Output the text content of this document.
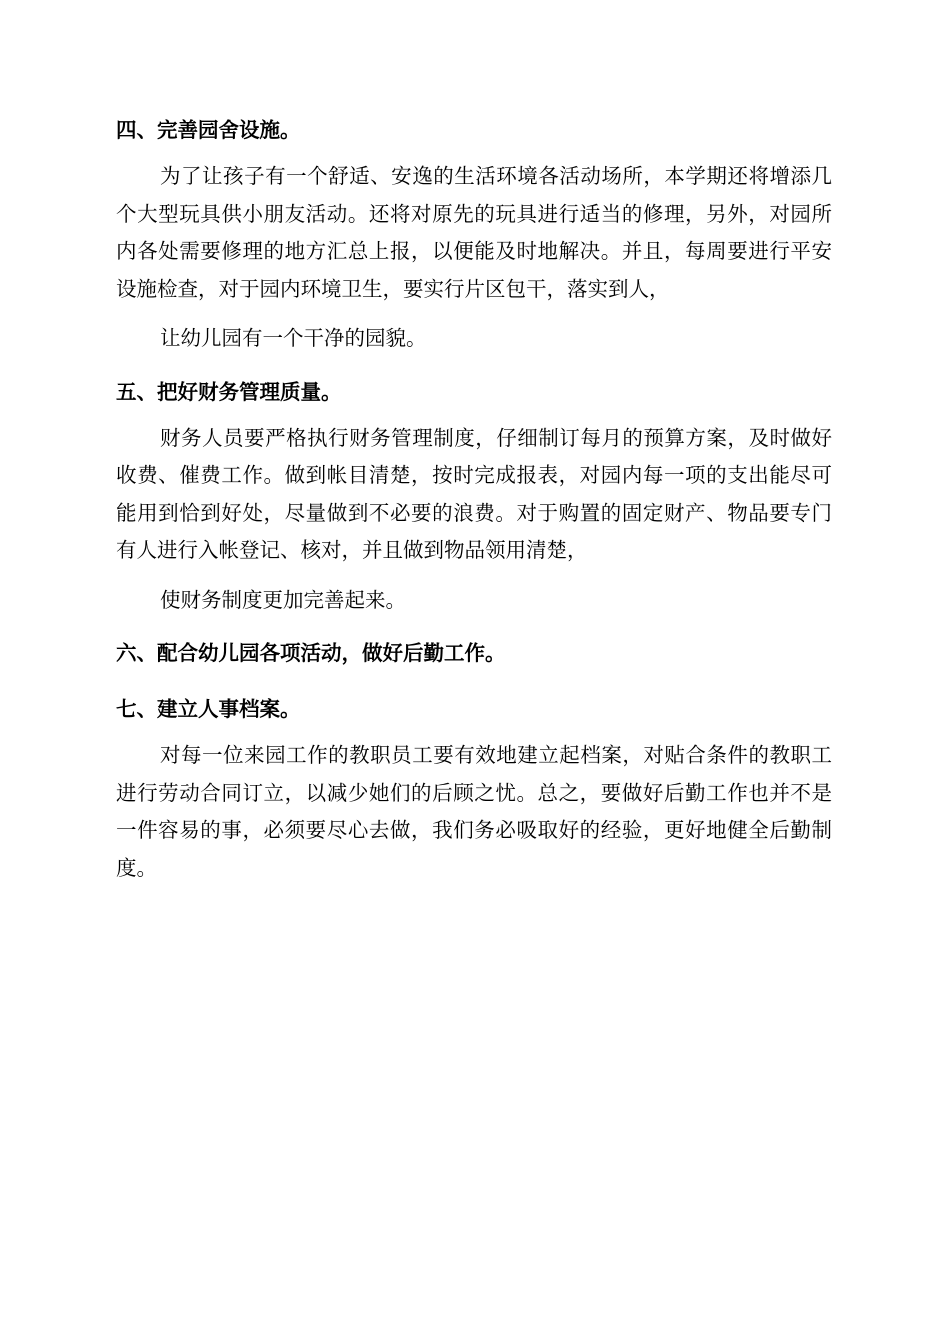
四、完善园舍设施。

为了让孩子有一个舒适、安逸的生活环境各活动场所，本学期还将增添几个大型玩具供小朋友活动。还将对原先的玩具进行适当的修理，另外，对园所内各处需要修理的地方汇总上报，以便能及时地解决。并且，每周要进行平安设施检查，对于园内环境卫生，要实行片区包干，落实到人，

让幼儿园有一个干净的园貌。

五、把好财务管理质量。

财务人员要严格执行财务管理制度，仔细制订每月的预算方案，及时做好收费、催费工作。做到帐目清楚，按时完成报表，对园内每一项的支出能尽可能用到恰到好处，尽量做到不必要的浪费。对于购置的固定财产、物品要专门有人进行入帐登记、核对，并且做到物品领用清楚，

使财务制度更加完善起来。

六、配合幼儿园各项活动，做好后勤工作。

七、建立人事档案。

对每一位来园工作的教职员工要有效地建立起档案，对贴合条件的教职工进行劳动合同订立，以减少她们的后顾之忧。总之，要做好后勤工作也并不是一件容易的事，必须要尽心去做，我们务必吸取好的经验，更好地健全后勤制度。
